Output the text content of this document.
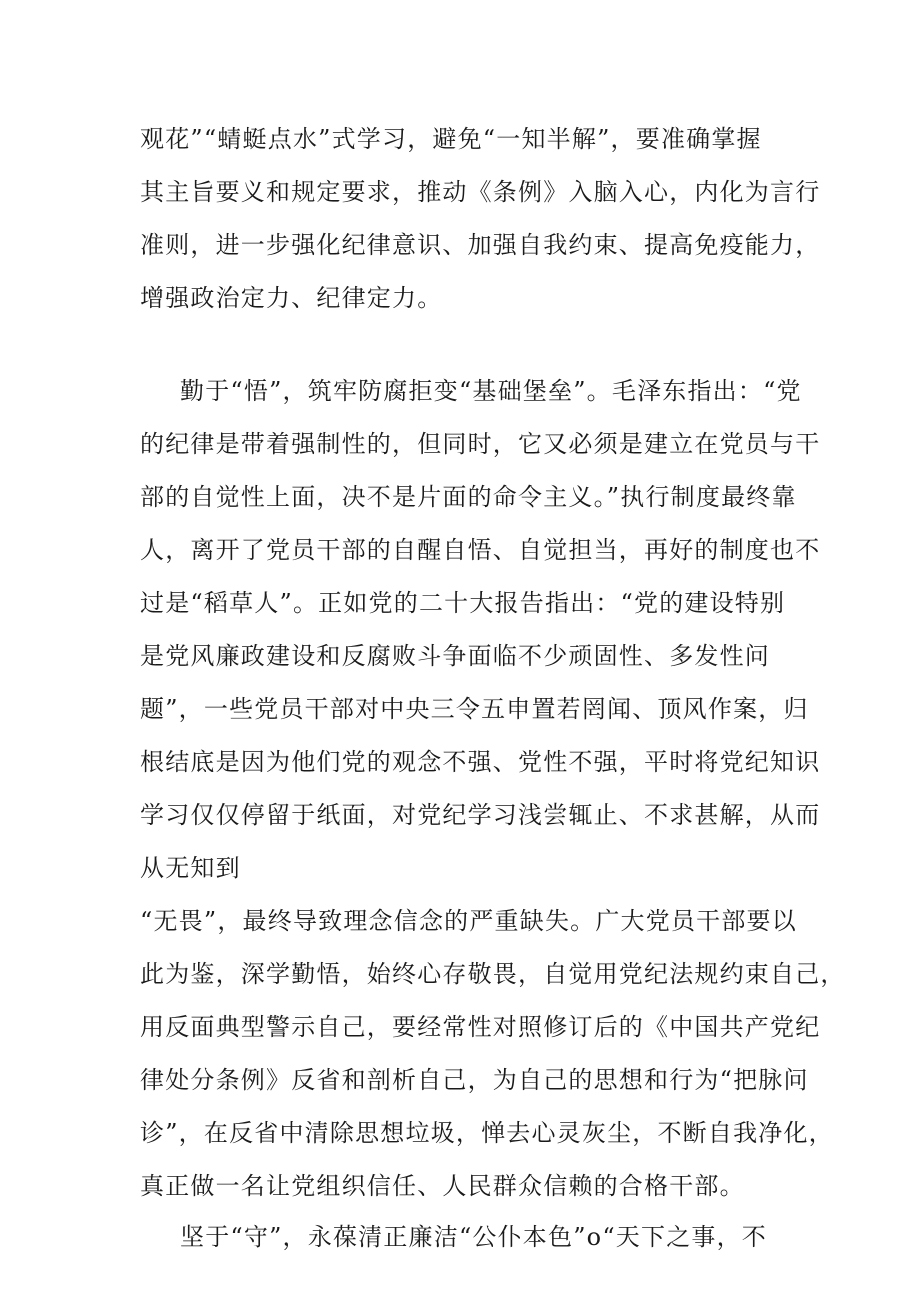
观花”“蜻蜓点水”式学习，避免“一知半解”，要准确掌握
其主旨要义和规定要求，推动《条例》入脑入心，内化为言行
准则，进一步强化纪律意识、加强自我约束、提高免疫能力，
增强政治定力、纪律定力。
勤于“悟”，筑牢防腐拒变“基础堡垒”。毛泽东指出：“党
的纪律是带着强制性的，但同时，它又必须是建立在党员与干
部的自觉性上面，决不是片面的命令主义。”执行制度最终靠
人，离开了党员干部的自醒自悟、自觉担当，再好的制度也不
过是“稻草人”。正如党的二十大报告指出：“党的建设特别
是党风廉政建设和反腐败斗争面临不少顽固性、多发性问
题”，一些党员干部对中央三令五申置若罔闻、顶风作案，归
根结底是因为他们党的观念不强、党性不强，平时将党纪知识
学习仅仅停留于纸面，对党纪学习浅尝辄止、不求甚解，从而
从无知到
“无畏”，最终导致理念信念的严重缺失。广大党员干部要以
此为鉴，深学勤悟，始终心存敬畏，自觉用党纪法规约束自己，
用反面典型警示自己，要经常性对照修订后的《中国共产党纪
律处分条例》反省和剖析自己，为自己的思想和行为“把脉问
诊”，在反省中清除思想垃圾，惮去心灵灰尘，不断自我净化，
真正做一名让党组织信任、人民群众信赖的合格干部。
坚于“守”，永葆清正廉洁“公仆本色”o“天下之事，不
